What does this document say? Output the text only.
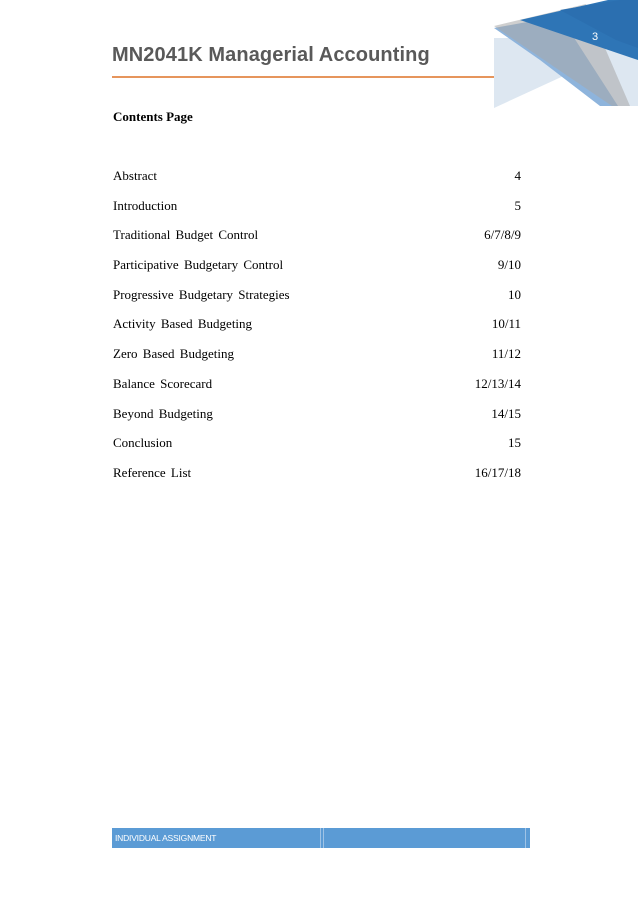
3
MN2041K Managerial Accounting
Contents Page
Abstract	4
Introduction	5
Traditional Budget Control	6/7/8/9
Participative Budgetary Control	9/10
Progressive Budgetary Strategies	10
Activity Based Budgeting	10/11
Zero Based Budgeting	11/12
Balance Scorecard	12/13/14
Beyond Budgeting	14/15
Conclusion	15
Reference List	16/17/18
INDIVIDUAL ASSIGNMENT
